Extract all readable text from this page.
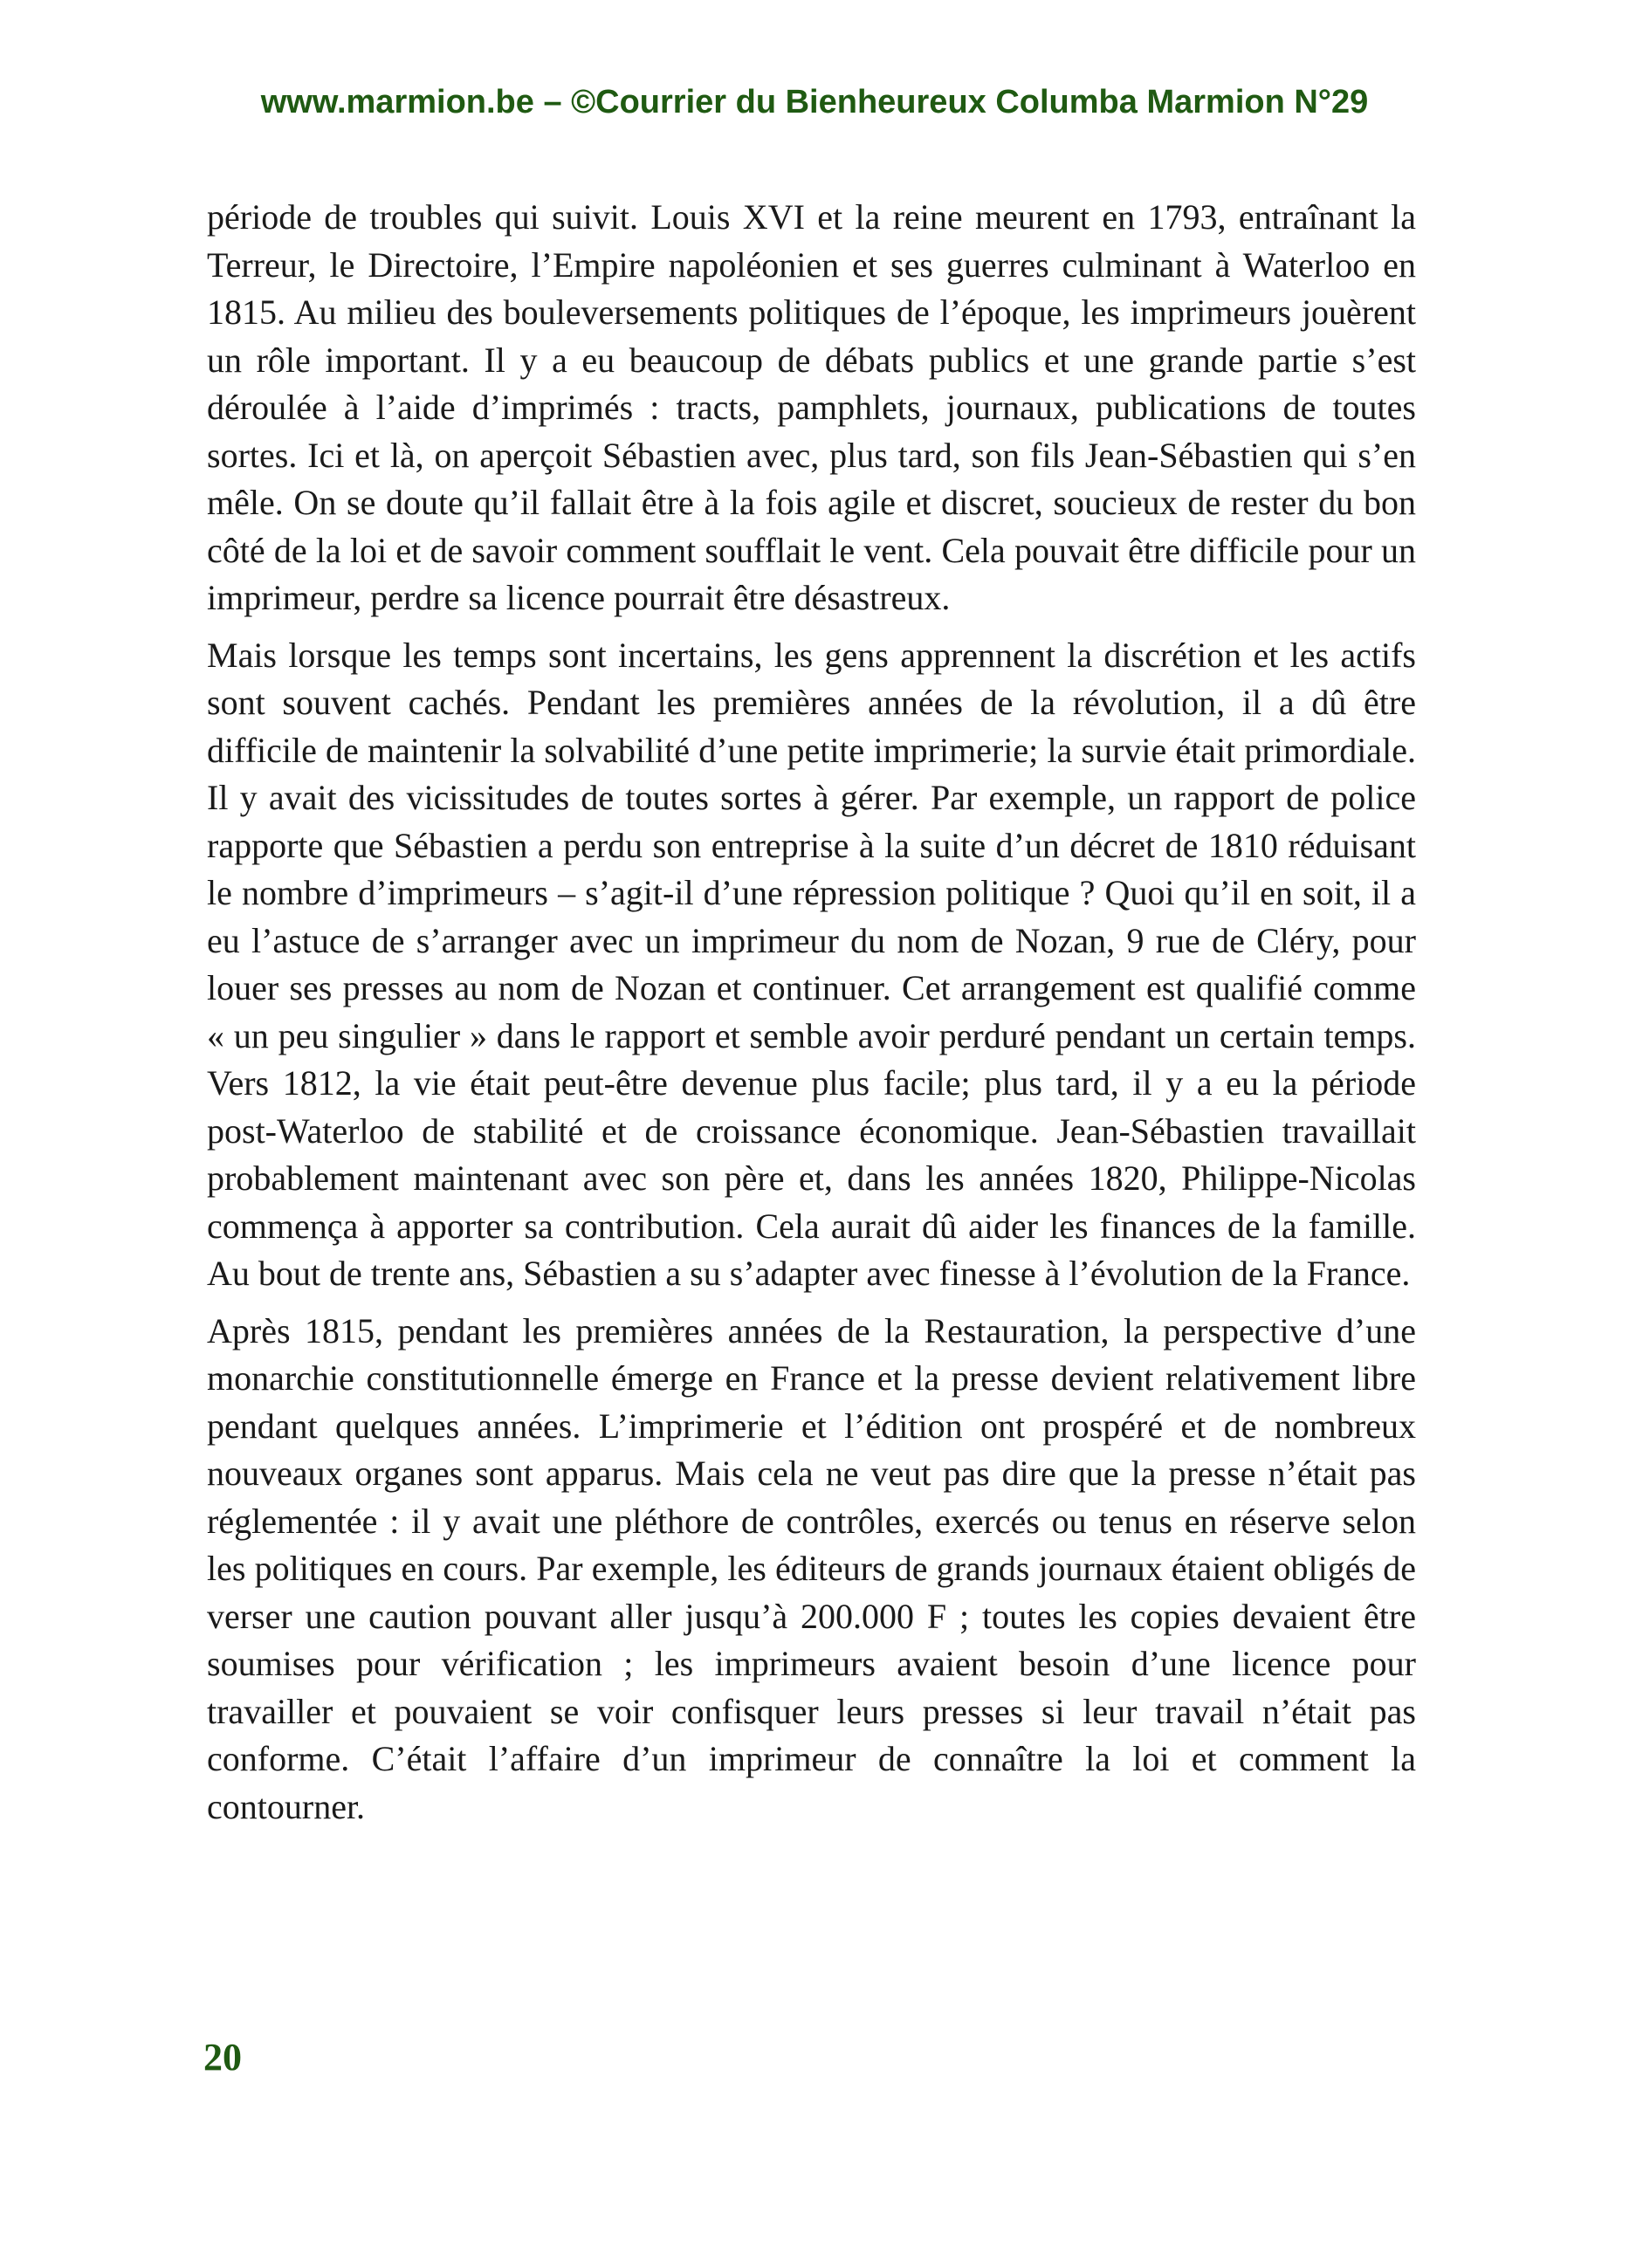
www.marmion.be – ©Courrier du Bienheureux Columba Marmion N°29

période de troubles qui suivit. Louis XVI et la reine meurent en 1793, entraînant la Terreur, le Directoire, l’Empire napoléonien et ses guerres culminant à Waterloo en 1815. Au milieu des bouleversements politiques de l’époque, les imprimeurs jouèrent un rôle important. Il y a eu beaucoup de débats publics et une grande partie s’est déroulée à l’aide d’imprimés : tracts, pamphlets, journaux, publications de toutes sortes. Ici et là, on aperçoit Sébastien avec, plus tard, son fils Jean-Sébastien qui s’en mêle. On se doute qu’il fallait être à la fois agile et discret, soucieux de rester du bon côté de la loi et de savoir comment soufflait le vent. Cela pouvait être difficile pour un imprimeur, perdre sa licence pourrait être désastreux.

Mais lorsque les temps sont incertains, les gens apprennent la discrétion et les actifs sont souvent cachés. Pendant les premières années de la révolution, il a dû être difficile de maintenir la solvabilité d’une petite imprimerie; la survie était primordiale. Il y avait des vicissitudes de toutes sortes à gérer. Par exemple, un rapport de police rapporte que Sébastien a perdu son entreprise à la suite d’un décret de 1810 réduisant le nombre d’imprimeurs – s’agit-il d’une répression politique ? Quoi qu’il en soit, il a eu l’astuce de s’arranger avec un imprimeur du nom de Nozan, 9 rue de Cléry, pour louer ses presses au nom de Nozan et continuer. Cet arrangement est qualifié comme « un peu singulier » dans le rapport et semble avoir perduré pendant un certain temps. Vers 1812, la vie était peut-être devenue plus facile; plus tard, il y a eu la période post-Waterloo de stabilité et de croissance économique. Jean-Sébastien travaillait probablement maintenant avec son père et, dans les années 1820, Philippe-Nicolas commença à apporter sa contribution. Cela aurait dû aider les finances de la famille. Au bout de trente ans, Sébastien a su s’adapter avec finesse à l’évolution de la France.

Après 1815, pendant les premières années de la Restauration, la perspective d’une monarchie constitutionnelle émerge en France et la presse devient relativement libre pendant quelques années. L’imprimerie et l’édition ont prospéré et de nombreux nouveaux organes sont apparus. Mais cela ne veut pas dire que la presse n’était pas réglementée : il y avait une pléthore de contrôles, exercés ou tenus en réserve selon les politiques en cours. Par exemple, les éditeurs de grands journaux étaient obligés de verser une caution pouvant aller jusqu’à 200.000 F ; toutes les copies devaient être soumises pour vérification ; les imprimeurs avaient besoin d’une licence pour travailler et pouvaient se voir confisquer leurs presses si leur travail n’était pas conforme. C’était l’affaire d’un imprimeur de connaître la loi et comment la contourner.

20
